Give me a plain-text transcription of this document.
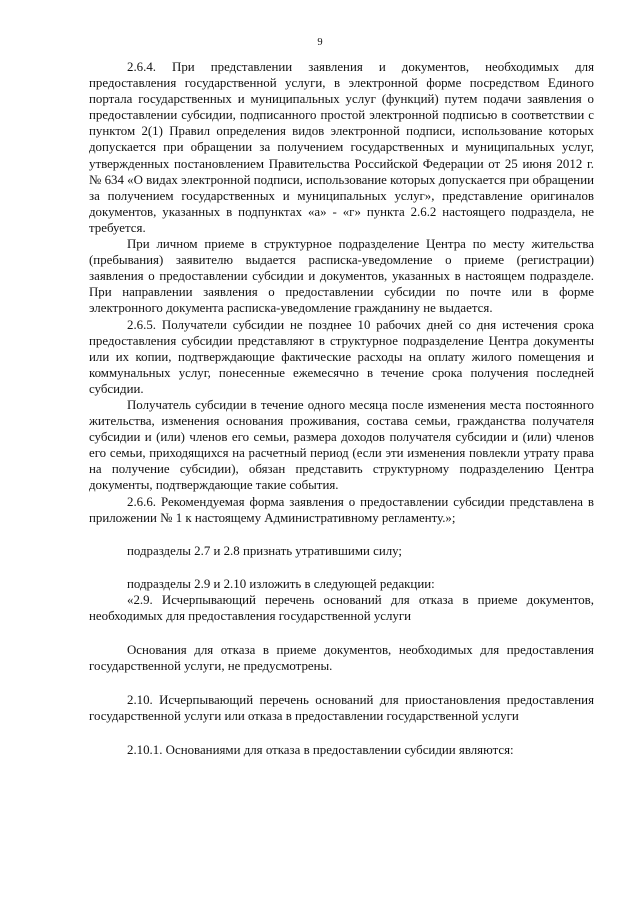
9

2.6.4. При представлении заявления и документов, необходимых для предоставления государственной услуги, в электронной форме посредством Единого портала государственных и муниципальных услуг (функций) путем подачи заявления о предоставлении субсидии, подписанного простой электронной подписью в соответствии с пунктом 2(1) Правил определения видов электронной подписи, использование которых допускается при обращении за получением государственных и муниципальных услуг, утвержденных постановлением Правительства Российской Федерации от 25 июня 2012 г. № 634 «О видах электронной подписи, использование которых допускается при обращении за получением государственных и муниципальных услуг», представление оригиналов документов, указанных в подпунктах «а» - «г» пункта 2.6.2 настоящего подраздела, не требуется.

При личном приеме в структурное подразделение Центра по месту жительства (пребывания) заявителю выдается расписка-уведомление о приеме (регистрации) заявления о предоставлении субсидии и документов, указанных в настоящем подразделе. При направлении заявления о предоставлении субсидии по почте или в форме электронного документа расписка-уведомление гражданину не выдается.

2.6.5. Получатели субсидии не позднее 10 рабочих дней со дня истечения срока предоставления субсидии представляют в структурное подразделение Центра документы или их копии, подтверждающие фактические расходы на оплату жилого помещения и коммунальных услуг, понесенные ежемесячно в течение срока получения последней субсидии.

Получатель субсидии в течение одного месяца после изменения места постоянного жительства, изменения основания проживания, состава семьи, гражданства получателя субсидии и (или) членов его семьи, размера доходов получателя субсидии и (или) членов его семьи, приходящихся на расчетный период (если эти изменения повлекли утрату права на получение субсидии), обязан представить структурному подразделению Центра документы, подтверждающие такие события.

2.6.6. Рекомендуемая форма заявления о предоставлении субсидии представлена в приложении № 1 к настоящему Административному регламенту.»;

подразделы 2.7 и 2.8 признать утратившими силу;

подразделы 2.9 и 2.10 изложить в следующей редакции:

«2.9. Исчерпывающий перечень оснований для отказа в приеме документов, необходимых для предоставления государственной услуги

Основания для отказа в приеме документов, необходимых для предоставления государственной услуги, не предусмотрены.

2.10. Исчерпывающий перечень оснований для приостановления предоставления государственной услуги или отказа в предоставлении государственной услуги

2.10.1. Основаниями для отказа в предоставлении субсидии являются:
